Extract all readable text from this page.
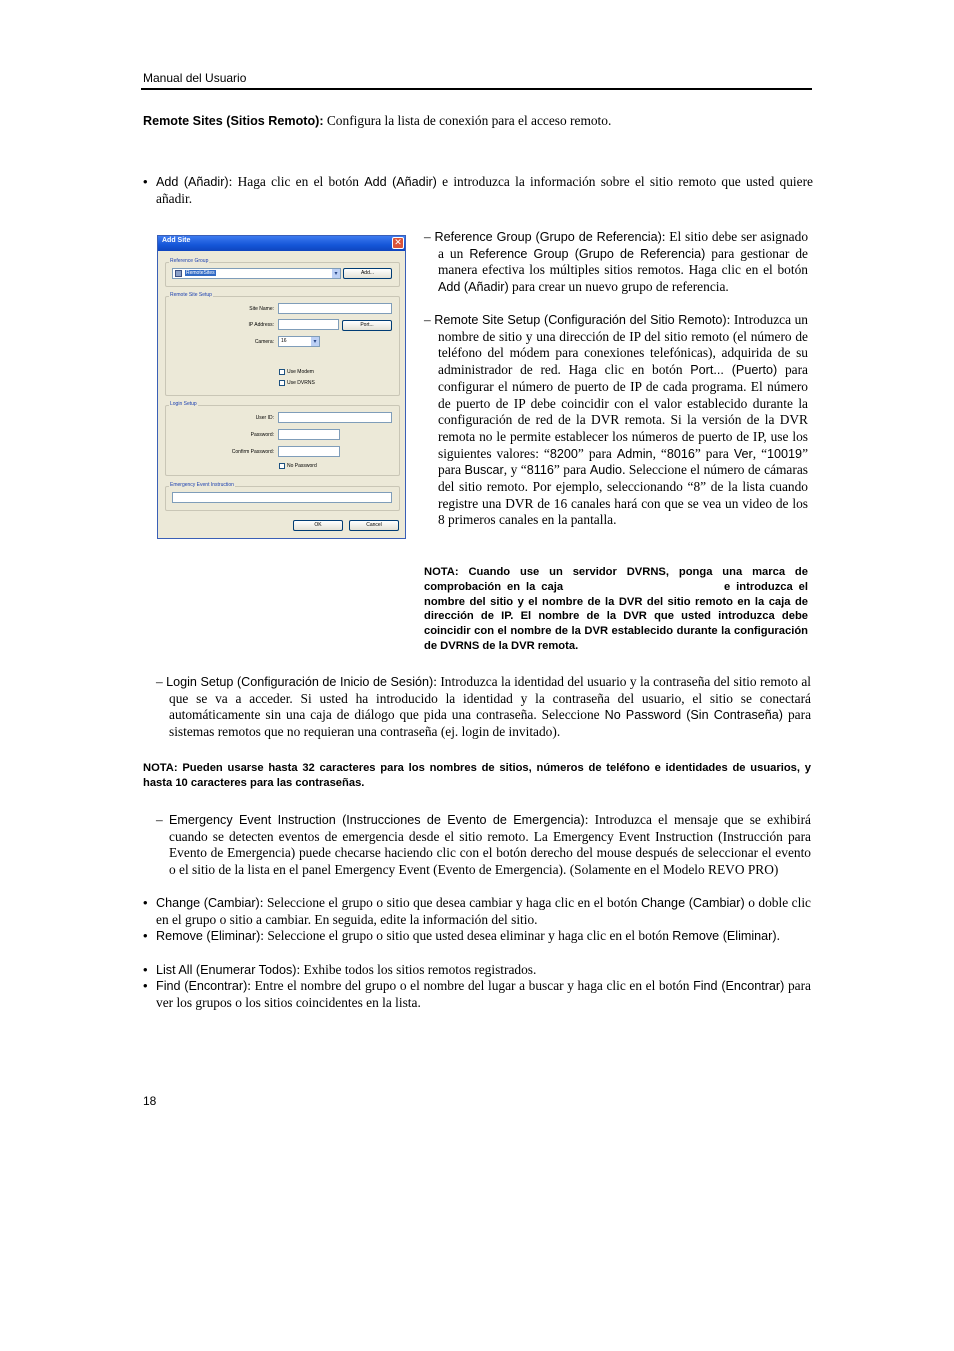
Manual del Usuario
Remote Sites (Sitios Remoto): Configura la lista de conexión para el acceso remoto.
• Add (Añadir): Haga clic en el botón Add (Añadir) e introduzca la información sobre el sitio remoto que usted quiere añadir.
Add Site	✕
Reference Group
RemoteSites	▾	Add...
Remote Site Setup
Site Name:
IP Address:	Port...
Camera: 16	▾
Use Modem
Use DVRNS
Login Setup
User ID:
Password:
Confirm Password:
No Password
Emergency Event Instruction
OK	Cancel
– Reference Group (Grupo de Referencia): El sitio debe ser asignado a un Reference Group (Grupo de Referencia) para gestionar de manera efectiva los múltiples sitios remotos. Haga clic en el botón Add (Añadir) para crear un nuevo grupo de referencia.
– Remote Site Setup (Configuración del Sitio Remoto): Introduzca un nombre de sitio y una dirección de IP del sitio remoto (el número de teléfono del módem para conexiones telefónicas), adquirida de su administrador de red. Haga clic en botón Port... (Puerto) para configurar el número de puerto de IP de cada programa. El número de puerto de IP debe coincidir con el valor establecido durante la configuración de red de la DVR remota. Si la versión de la DVR remota no le permite establecer los números de puerto de IP, use los siguientes valores: “8200” para Admin, “8016” para Ver, “10019” para Buscar, y “8116” para Audio. Seleccione el número de cámaras del sitio remoto. Por ejemplo, seleccionando “8” de la lista cuando registre una DVR de 16 canales hará con que se vea un video de los 8 primeros canales en la pantalla.
NOTA: Cuando use un servidor DVRNS, ponga una marca de comprobación en la caja	e introduzca el nombre del sitio y el nombre de la DVR del sitio remoto en la caja de dirección de IP. El nombre de la DVR que usted introduzca debe coincidir con el nombre de la DVR establecido durante la configuración de DVRNS de la DVR remota.
– Login Setup (Configuración de Inicio de Sesión): Introduzca la identidad del usuario y la contraseña del sitio remoto al que se va a acceder. Si usted ha introducido la identidad y la contraseña del usuario, el sitio se conectará automáticamente sin una caja de diálogo que pida una contraseña. Seleccione No Password (Sin Contraseña) para sistemas remotos que no requieran una contraseña (ej. login de invitado).
NOTA: Pueden usarse hasta 32 caracteres para los nombres de sitios, números de teléfono e identidades de usuarios, y hasta 10 caracteres para las contraseñas.
– Emergency Event Instruction (Instrucciones de Evento de Emergencia): Introduzca el mensaje que se exhibirá cuando se detecten eventos de emergencia desde el sitio remoto. La Emergency Event Instruction (Instrucción para Evento de Emergencia) puede checarse haciendo clic con el botón derecho del mouse después de seleccionar el evento o el sitio de la lista en el panel Emergency Event (Evento de Emergencia). (Solamente en el Modelo REVO PRO)
• Change (Cambiar): Seleccione el grupo o sitio que desea cambiar y haga clic en el botón Change (Cambiar) o doble clic en el grupo o sitio a cambiar. En seguida, edite la información del sitio.
• Remove (Eliminar): Seleccione el grupo o sitio que usted desea eliminar y haga clic en el botón Remove (Eliminar).
• List All (Enumerar Todos): Exhibe todos los sitios remotos registrados.
• Find (Encontrar): Entre el nombre del grupo o el nombre del lugar a buscar y haga clic en el botón Find (Encontrar) para ver los grupos o los sitios coincidentes en la lista.
18
